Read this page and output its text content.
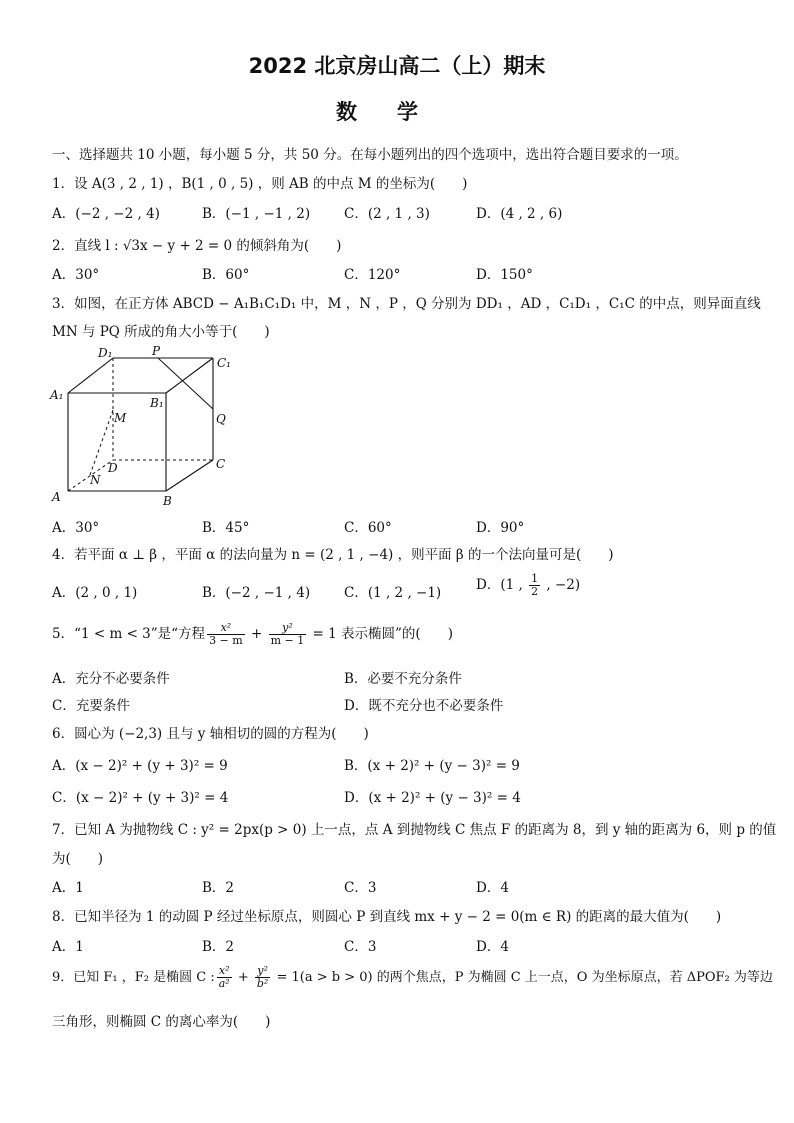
2022 北京房山高二（上）期末
数学
一、选择题共 10 小题，每小题 5 分，共 50 分。在每小题列出的四个选项中，选出符合题目要求的一项。
1．设 A(3 , 2 , 1) ，B(1 , 0 , 5) ，则 AB 的中点 M 的坐标为(　　)
A．(−2 , −2 , 4)	B．(−1 , −1 , 2)	C．(2 , 1 , 3)	D．(4 , 2 , 6)
2．直线 l : √3x − y + 2 = 0 的倾斜角为(　　)
A．30°	B．60°	C．120°	D．150°
3．如图，在正方体 ABCD − A₁B₁C₁D₁ 中，M ，N ，P ，Q 分别为 DD₁ ，AD ，C₁D₁ ，C₁C 的中点，则异面直线
MN 与 PQ 所成的角大小等于(　　)
D₁	P
C₁
A₁
B₁
M	Q
D	C
N
A	B
A．30°	B．45°	C．60°	D．90°
4．若平面 α ⊥ β ，平面 α 的法向量为 n = (2 , 1 , −4) ，则平面 β 的一个法向量可是(　　)
A．(2 , 0 , 1)	B．(−2 , −1 , 4)	C．(1 , 2 , −1)	D．(1 , $\frac{1}{2}$ , −2)
5．“1 < m < 3”是“方程 $\frac{\text{x²}}{3 - m} + \frac{\text{y²}}{m - 1} = 1$ 表示椭圆”的(　　)
A．充分不必要条件	B．必要不充分条件
C．充要条件	D．既不充分也不必要条件
6．圆心为 (−2,3) 且与 y 轴相切的圆的方程为(　　)
A．(x − 2)² + (y + 3)² = 9	B．(x + 2)² + (y − 3)² = 9
C．(x − 2)² + (y + 3)² = 4	D．(x + 2)² + (y − 3)² = 4
7．已知 A 为抛物线 C : y² = 2px(p > 0) 上一点，点 A 到抛物线 C 焦点 F 的距离为 8，到 y 轴的距离为 6，则 p 的值
为(　　)
A．1	B．2	C．3	D．4
8．已知半径为 1 的动圆 P 经过坐标原点，则圆心 P 到直线 mx + y − 2 = 0(m ∈ R) 的距离的最大值为(　　)
A．1	B．2	C．3	D．4
9．已知 F₁ ，F₂ 是椭圆 C : $\frac{\text{x²}}{\text{a²}} + \frac{\text{y²}}{\text{b²}} = 1(a > b > 0)$ 的两个焦点，P 为椭圆 C 上一点，O 为坐标原点，若 ΔPOF₂ 为等边
三角形，则椭圆 C 的离心率为(　　)
